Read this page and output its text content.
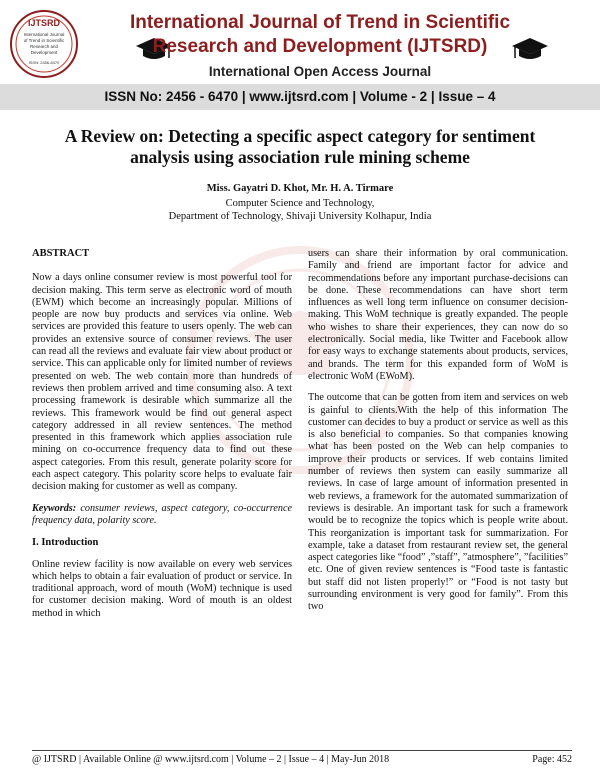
IJTSRD
International Journal
of Trend in Scientific
Research and
Development
ISSN: 2456-6470
International Journal of Trend in Scientific
Research and Development (IJTSRD)
International Open Access Journal
ISSN No: 2456 - 6470 | www.ijtsrd.com | Volume - 2 | Issue – 4
A Review on: Detecting a specific aspect category for sentiment
analysis using association rule mining scheme
Miss. Gayatri D. Khot, Mr. H. A. Tirmare
Computer Science and Technology,
Department of Technology, Shivaji University Kolhapur, India

ABSTRACT

Now a days online consumer review is most powerful tool for decision making. This term serve as electronic word of mouth (EWM) which become an increasingly popular. Millions of people are now buy products and services via online. Web services are provided this feature to users openly. The web can provides an extensive source of consumer reviews. The user can read all the reviews and evaluate fair view about product or service. This can applicable only for limited number of reviews presented on web. The web contain more than hundreds of reviews then problem arrived and time consuming also. A text processing framework is desirable which summarize all the reviews. This framework would be find out general aspect category addressed in all review sentences. The method presented in this framework which applies association rule mining on co-occurrence frequency data to find out these aspect categories. From this result, generate polarity score for each aspect category. This polarity score helps to evaluate fair decision making for customer as well as company.

Keywords: consumer reviews, aspect category, co-occurrence frequency data, polarity score.

I. Introduction

Online review facility is now available on every web services which helps to obtain a fair evaluation of product or service. In traditional approach, word of mouth (WoM) technique is used for customer decision making. Word of mouth is an oldest method in which

users can share their information by oral communication. Family and friend are important factor for advice and recommendations before any important purchase-decisions can be done. These recommendations can have short term influences as well long term influence on consumer decision-making. This WoM technique is greatly expanded. The people who wishes to share their experiences, they can now do so electronically. Social media, like Twitter and Facebook allow for easy ways to exchange statements about products, services, and brands. The term for this expanded form of WoM is electronic WoM (EWoM).

The outcome that can be gotten from item and services on web is gainful to clients.With the help of this information The customer can decides to buy a product or service as well as this is also beneficial to companies. So that companies knowing what has been posted on the Web can help companies to improve their products or services. If web contains limited number of reviews then system can easily summarize all reviews. In case of large amount of information presented in web reviews, a framework for the automated summarization of reviews is desirable. An important task for such a framework would be to recognize the topics which is people write about. This reorganization is important task for summarization. For example, take a dataset from restaurant review set, the general aspect categories like “food” ,”staff”, ”atmosphere”, ”facilities” etc. One of given review sentences is “Food taste is fantastic but staff did not listen properly!” or “Food is not tasty but surrounding environment is very good for family”. From this two

@ IJTSRD | Available Online @ www.ijtsrd.com | Volume – 2 | Issue – 4 | May-Jun 2018	Page: 452
